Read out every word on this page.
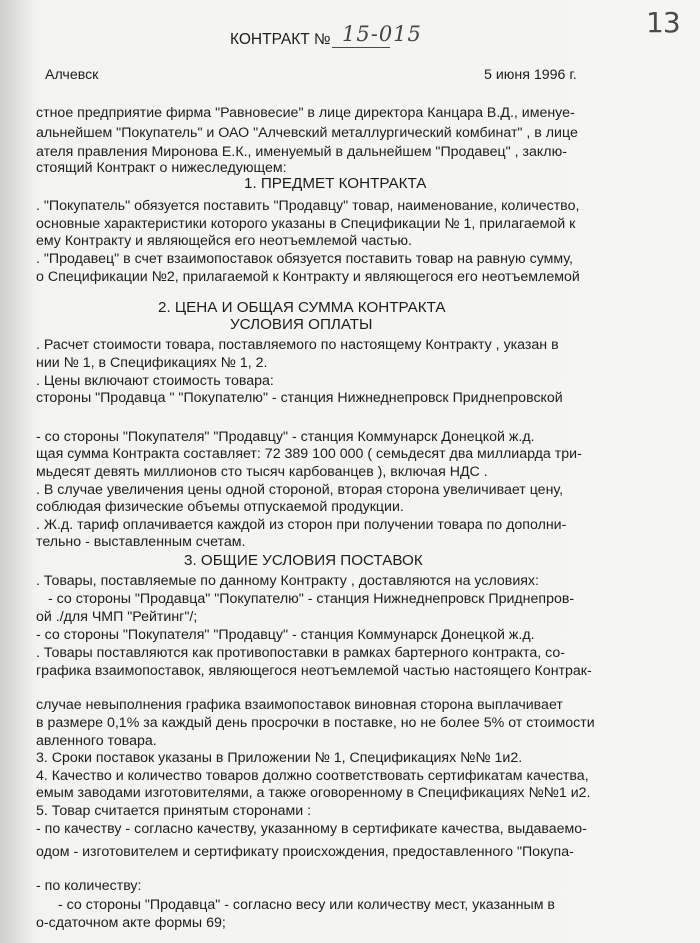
13
КОНТРАКТ № 15-015
Алчевск	5 июня 1996 г.
стное предприятие фирма "Равновесие" в лице директора Канцара В.Д., именуе-
альнейшем "Покупатель" и ОАО "Алчевский металлургический комбинат" , в лице
ателя правления Миронова Е.К., именуемый в дальнейшем "Продавец" , заклю-
стоящий Контракт о нижеследующем:
1. ПРЕДМЕТ КОНТРАКТА
. "Покупатель" обязуется поставить "Продавцу" товар, наименование, количество,
основные характеристики которого указаны в Спецификации № 1, прилагаемой к
ему Контракту и являющейся его неотъемлемой частью.
. "Продавец" в счет взаимопоставок обязуется поставить товар на равную сумму,
о Спецификации №2, прилагаемой к Контракту и являющегося его неотъемлемой
2. ЦЕНА И ОБЩАЯ СУММА КОНТРАКТА
УСЛОВИЯ ОПЛАТЫ
. Расчет стоимости товара, поставляемого по настоящему Контракту , указан в
нии № 1, в Спецификациях № 1, 2.
. Цены включают стоимость товара:
стороны "Продавца " "Покупателю" - станция Нижнеднепровск Приднепровской
- со стороны "Покупателя" "Продавцу" - станция Коммунарск Донецкой ж.д.
щая сумма Контракта составляет: 72 389 100 000 ( семьдесят два миллиарда три-
мьдесят девять миллионов сто тысяч карбованцев ), включая НДС .
. В случае увеличения цены одной стороной, вторая сторона увеличивает цену,
соблюдая физические объемы отпускаемой продукции.
. Ж.д. тариф оплачивается каждой из сторон при получении товара по дополни-
тельно - выставленным счетам.
3. ОБЩИЕ УСЛОВИЯ ПОСТАВОК
. Товары, поставляемые по данному Контракту , доставляются на условиях:
- со стороны "Продавца" "Покупателю" - станция Нижнеднепровск Приднепров-
ой ./для ЧМП "Рейтинг"/;
- со стороны "Покупателя" "Продавцу" - станция Коммунарск Донецкой ж.д.
. Товары поставляются как противопоставки в рамках бартерного контракта, со-
графика взаимопоставок, являющегося неотъемлемой частью настоящего Контрак-
случае невыполнения графика взаимопоставок виновная сторона выплачивает
в размере 0,1% за каждый день просрочки в поставке, но не более 5% от стоимости
авленного товара.
3. Сроки поставок указаны в Приложении № 1, Спецификациях №№ 1и2.
4. Качество и количество товаров должно соответствовать сертификатам качества,
емым заводами изготовителями, а также оговоренному в Спецификациях №№1 и2.
5. Товар считается принятым сторонами :
- по качеству - согласно качеству, указанному в сертификате качества, выдаваемо-
одом - изготовителем и сертификату происхождения, предоставленного "Покупа-
- по количеству:
- со стороны "Продавца" - согласно весу или количеству мест, указанным в
о-сдаточном акте формы 69;
